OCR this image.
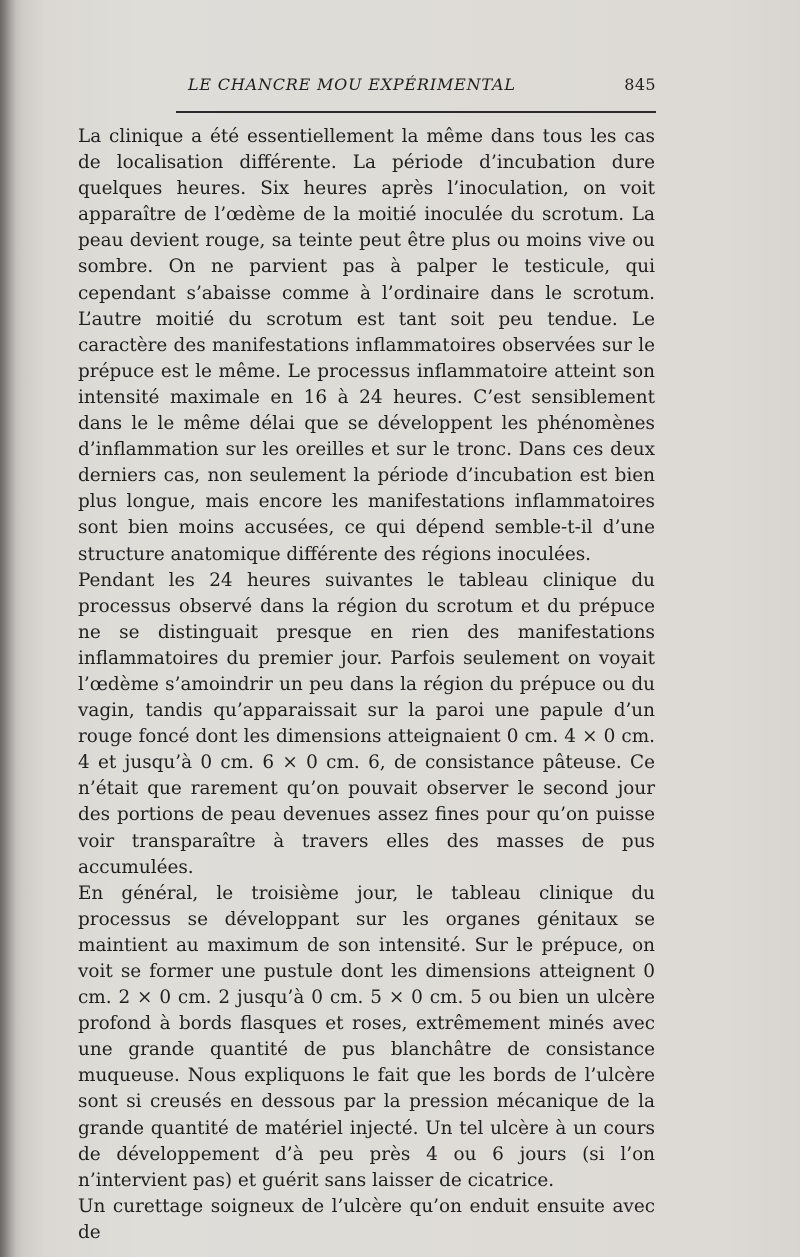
LE CHANCRE MOU EXPÉRIMENTAL	845

La clinique a été essentiellement la même dans tous les cas de localisation différente. La période d’incubation dure quelques heures. Six heures après l’inoculation, on voit apparaître de l’œdème de la moitié inoculée du scrotum. La peau devient rouge, sa teinte peut être plus ou moins vive ou sombre. On ne parvient pas à palper le testicule, qui cependant s’abaisse comme à l’ordinaire dans le scrotum. L’autre moitié du scrotum est tant soit peu tendue. Le caractère des manifestations inflammatoires observées sur le prépuce est le même. Le processus inflammatoire atteint son intensité maximale en 16 à 24 heures. C’est sensiblement dans le le même délai que se développent les phénomènes d’inflammation sur les oreilles et sur le tronc. Dans ces deux derniers cas, non seulement la période d’incubation est bien plus longue, mais encore les manifestations inflammatoires sont bien moins accusées, ce qui dépend semble-t-il d’une structure anatomique différente des régions inoculées.

Pendant les 24 heures suivantes le tableau clinique du processus observé dans la région du scrotum et du prépuce ne se distinguait presque en rien des manifestations inflammatoires du premier jour. Parfois seulement on voyait l’œdème s’amoindrir un peu dans la région du prépuce ou du vagin, tandis qu’apparaissait sur la paroi une papule d’un rouge foncé dont les dimensions atteignaient 0 cm. 4 × 0 cm. 4 et jusqu’à 0 cm. 6 × 0 cm. 6, de consistance pâteuse. Ce n’était que rarement qu’on pouvait observer le second jour des portions de peau devenues assez fines pour qu’on puisse voir transparaître à travers elles des masses de pus accumulées.

En général, le troisième jour, le tableau clinique du processus se développant sur les organes génitaux se maintient au maximum de son intensité. Sur le prépuce, on voit se former une pustule dont les dimensions atteignent 0 cm. 2 × 0 cm. 2 jusqu’à 0 cm. 5 × 0 cm. 5 ou bien un ulcère profond à bords flasques et roses, extrêmement minés avec une grande quantité de pus blanchâtre de consistance muqueuse. Nous expliquons le fait que les bords de l’ulcère sont si creusés en dessous par la pression mécanique de la grande quantité de matériel injecté. Un tel ulcère à un cours de développement d’à peu près 4 ou 6 jours (si l’on n’intervient pas) et guérit sans laisser de cicatrice.

Un curettage soigneux de l’ulcère qu’on enduit ensuite avec de
